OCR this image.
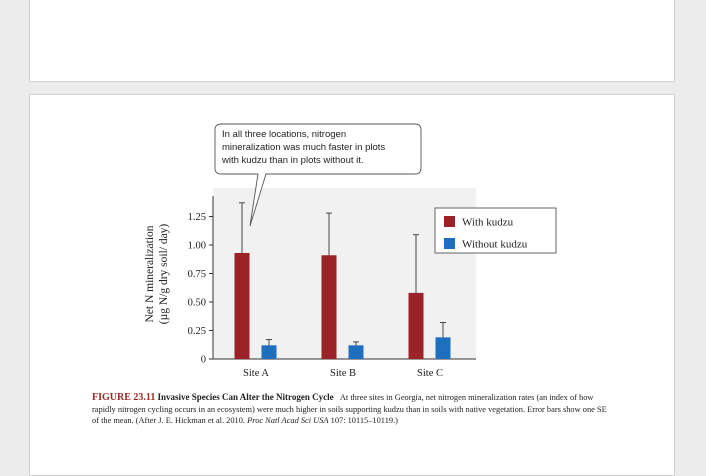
0
0.25
0.50
0.75
1.00
1.25
Site A	Site B	Site C
Net N mineralization (µg N/g dry soil/ day)
With kudzu
Without kudzu
In all three locations, nitrogen
mineralization was much faster in plots
with kudzu than in plots without it.
FIGURE 23.11 Invasive Species Can Alter the Nitrogen Cycle At three sites in Georgia, net nitrogen mineralization rates (an index of how rapidly nitrogen cycling occurs in an ecosystem) were much higher in soils supporting kudzu than in soils with native vegetation. Error bars show one SE of the mean. (After J. E. Hickman et al. 2010. Proc Natl Acad Sci USA 107: 10115–10119.)
